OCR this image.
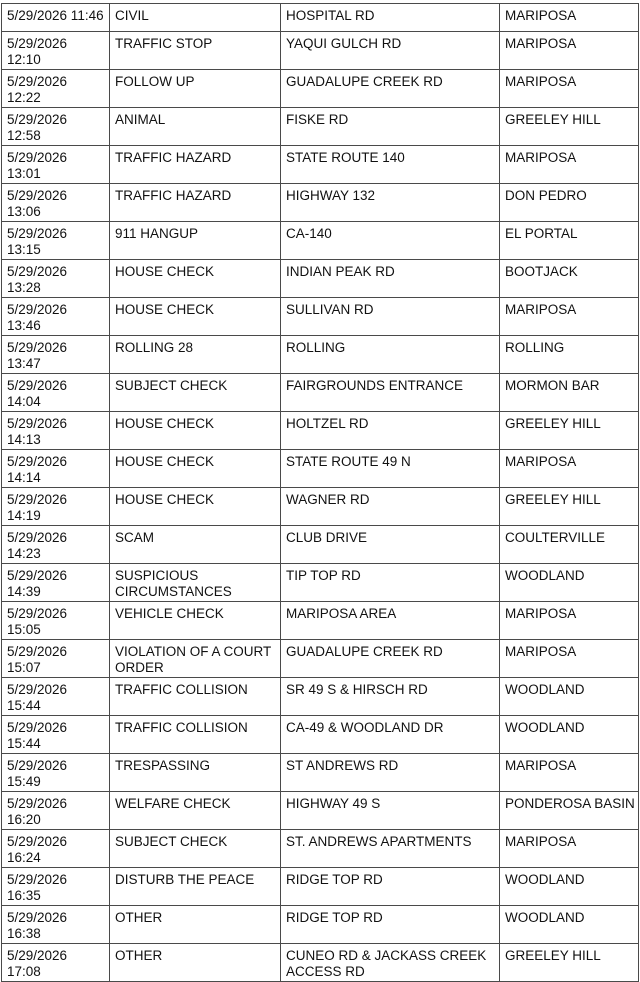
5/29/2026 11:46	CIVIL	HOSPITAL RD	MARIPOSA
5/29/2026 12:10	TRAFFIC STOP	YAQUI GULCH RD	MARIPOSA
5/29/2026 12:22	FOLLOW UP	GUADALUPE CREEK RD	MARIPOSA
5/29/2026 12:58	ANIMAL	FISKE RD	GREELEY HILL
5/29/2026 13:01	TRAFFIC HAZARD	STATE ROUTE 140	MARIPOSA
5/29/2026 13:06	TRAFFIC HAZARD	HIGHWAY 132	DON PEDRO
5/29/2026 13:15	911 HANGUP	CA-140	EL PORTAL
5/29/2026 13:28	HOUSE CHECK	INDIAN PEAK RD	BOOTJACK
5/29/2026 13:46	HOUSE CHECK	SULLIVAN RD	MARIPOSA
5/29/2026 13:47	ROLLING 28	ROLLING	ROLLING
5/29/2026 14:04	SUBJECT CHECK	FAIRGROUNDS ENTRANCE	MORMON BAR
5/29/2026 14:13	HOUSE CHECK	HOLTZEL RD	GREELEY HILL
5/29/2026 14:14	HOUSE CHECK	STATE ROUTE 49 N	MARIPOSA
5/29/2026 14:19	HOUSE CHECK	WAGNER RD	GREELEY HILL
5/29/2026 14:23	SCAM	CLUB DRIVE	COULTERVILLE
5/29/2026 14:39	SUSPICIOUS CIRCUMSTANCES	TIP TOP RD	WOODLAND
5/29/2026 15:05	VEHICLE CHECK	MARIPOSA AREA	MARIPOSA
5/29/2026 15:07	VIOLATION OF A COURT ORDER	GUADALUPE CREEK RD	MARIPOSA
5/29/2026 15:44	TRAFFIC COLLISION	SR 49 S & HIRSCH RD	WOODLAND
5/29/2026 15:44	TRAFFIC COLLISION	CA-49 & WOODLAND DR	WOODLAND
5/29/2026 15:49	TRESPASSING	ST ANDREWS RD	MARIPOSA
5/29/2026 16:20	WELFARE CHECK	HIGHWAY 49 S	PONDEROSA BASIN
5/29/2026 16:24	SUBJECT CHECK	ST. ANDREWS APARTMENTS	MARIPOSA
5/29/2026 16:35	DISTURB THE PEACE	RIDGE TOP RD	WOODLAND
5/29/2026 16:38	OTHER	RIDGE TOP RD	WOODLAND
5/29/2026 17:08	OTHER	CUNEO RD & JACKASS CREEK ACCESS RD	GREELEY HILL
